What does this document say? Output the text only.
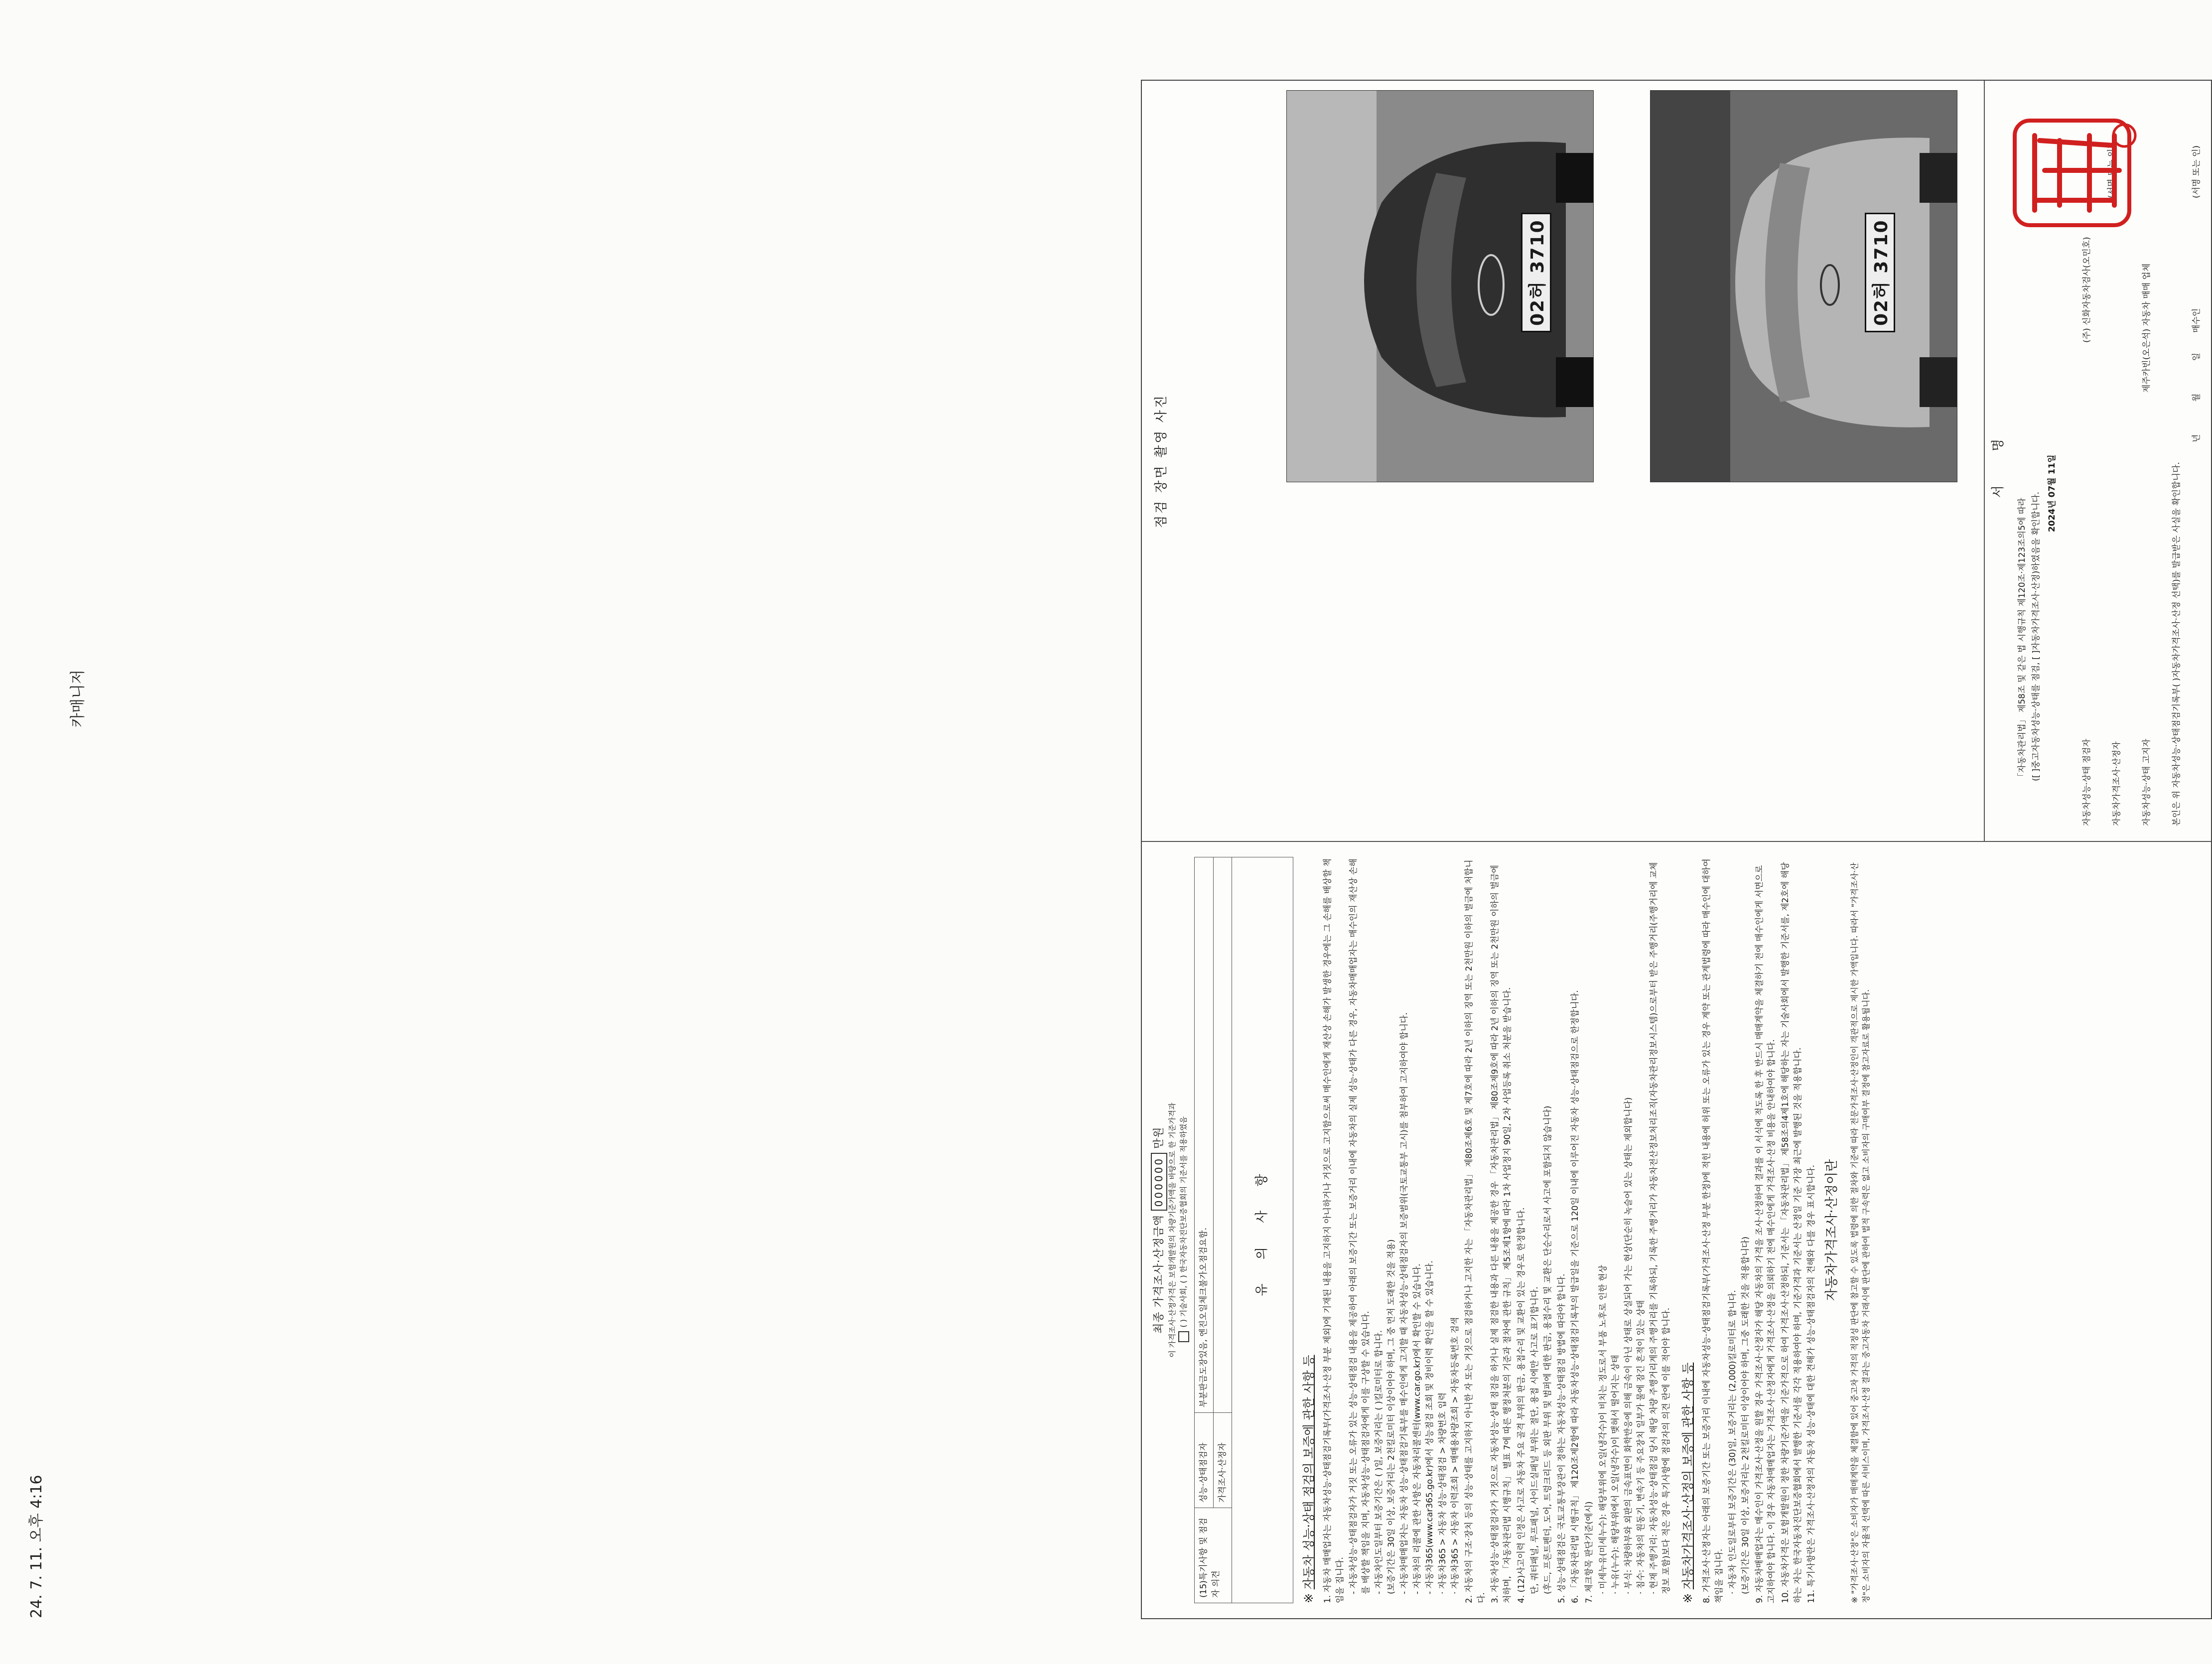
24. 7. 11. 오후 4:16
카매니저
최종 가격조사·산정금액 000000 만원 이 가격조사·산정가격은 보험개발원의 차량기준가액을 바탕으로 한 기준가격과 ( ) 기술사회, ( ) 한국자동차진단보증협회의 기준서를 적용하였음
(15)특기사항 및 점검자 의견	성능·상태점검자	부분판금도장있음, 엔진오일체크불가오점검요함.
	가격조사·산정자	
유 의 사 항		
※ 자동차 성능·상태 점검의 보증에 관한 사항 등 1. 자동차 매매업자는 자동차성능·상태점검기록부(가격조사·산정 부분 제외)에 기재된 내용을 고지하지 아니하거나 거짓으로 고지함으로써 매수인에게 재산상 손해가 발생한 경우에는 그 손해를 배상할 책임을 집니다. - 자동차성능·상태점검자가 거짓 또는 오류가 있는 성능·상태점검 내용을 제공하여 아래의 보증기간 또는 보증거리 이내에 자동차의 실제 성능·상태가 다른 경우, 자동차매매업자는 매수인의 재산상 손해를 배상할 책임을 지며, 자동차성능·상태점검자에게 이를 구상할 수 있습니다. - 자동차인도일부터 보증기간은 ( )일, 보증거리는 ( )킬로미터로 합니다. (보증기간은 30일 이상, 보증거리는 2천킬로미터 이상이어야 하며, 그 중 먼저 도래한 것을 적용) - 자동차매매업자는 자동차 성능·상태점검기록부를 매수인에게 고지할 때 자동차성능·상태점검자의 보증범위(국토교통부 고시)를 첨부하여 고지하여야 합니다. - 자동차의 리콜에 관한 사항은 자동차리콜센터(www.car.go.kr)에서 확인할 수 있습니다. - 자동차365(www.car365.go.kr)에서 성능점검 조회 및 정비이력 확인을 할 수 있습니다. · 자동차365 > 자동차 성능·상태점검 > 차량번호 입력 · 자동차365 > 자동차 이력조회 > 매매용차량조회 > 자동차등록번호 검색 2. 자동차의 구조·장치 등의 성능·상태를 고지하지 아니한 자 또는 거짓으로 점검하거나 고지한 자는 「자동차관리법」 제80조제6호 및 제7호에 따라 2년 이하의 징역 또는 2천만원 이하의 벌금에 처합니다. 3. 자동차성능·상태점검자가 거짓으로 자동차성능·상태 점검을 하거나 실제 점검한 내용과 다른 내용을 제공한 경우 「자동차관리법」 제80조제9호에 따라 2년 이하의 징역 또는 2천만원 이하의 벌금에 처하며, 「자동차관리법 시행규칙」 별표 7에 따른 행정처분의 기준과 절차에 관한 규칙」 제5조제1항에 따라 1차 사업정지 90일, 2차 사업등록 취소 처분을 받습니다. 4. (12)사고이력 인정은 사고로 자동차 주요 골격 부위의 판금, 용접수리 및 교환이 있는 경우로 한정합니다. 단, 쿼터패널, 루프패널, 사이드실패널 부위는 절단, 용접 시에만 사고로 표기합니다. (후드, 프론트펜더, 도어, 트렁크리드 등 외판 부위 및 범퍼에 대한 판금, 용접수리 및 교환은 단순수리로서 사고에 포함되지 않습니다) 5. 성능·상태점검은 국토교통부장관이 정하는 자동차성능·상태점검 방법에 따라야 합니다. 6. 「자동차관리법 시행규칙」 제120조제2항에 따라 자동차성능·상태점검기록부의 발급일을 기준으로 120일 이내에 이루어진 자동차 성능·상태점검으로 한정합니다. 7. 체크항목 판단기준(예시) · 미세누유(미세누수): 해당부위에 오일(냉각수)이 비치는 정도로서 부품 노후로 인한 현상 · 누유(누수): 해당부위에서 오일(냉각수)이 맺혀서 떨어지는 상태 · 부식: 차량하부와 외판의 금속표면이 화학반응에 의해 금속이 아닌 상태로 상실되어 가는 현상(단순히 녹슬어 있는 상태는 제외합니다) · 침수: 자동차의 원동기, 변속기 등 주요장치 일부가 물에 잠긴 흔적이 있는 상태 · 현재 주행거리: 자동차성능·상태점검 당시 해당 차량 주행거리계의 주행거리를 기록하되, 기록한 주행거리가 자동차전산정보처리조직(자동차관리정보시스템)으로부터 받은 주행거리(주행거리에 교체 정보 포함)보다 적은 경우 특기사항에 점검자의 의견 란에 이를 적어야 합니다.
※ 자동차가격조사·산정의 보증에 관한 사항 등 8. 가격조사·산정자는 아래의 보증기간 또는 보증거리 이내에 자동차성능·상태점검기록부(가격조사·산정 부분 한정)에 적힌 내용에 허위 또는 오류가 있는 경우 계약 또는 관계법령에 따라 매수인에 대하여 책임을 집니다. · 자동차 인도일로부터 보증기간은 (30)일, 보증거리는 (2,000)킬로미터로 합니다. (보증기간은 30일 이상, 보증거리는 2천킬로미터 이상이어야 하며, 그중 도래한 것을 적용합니다) 9. 자동차매매업자는 매수인이 가격조사·산정을 원할 경우 가격조사·산정자가 해당 자동차의 가격을 조사·산정하여 결과를 이 서식에 적도록 한 후 반드시 매매계약을 체결하기 전에 매수인에게 서면으로 고지하여야 합니다. 이 경우 자동차매매업자는 가격조사·산정자에게 가격조사·산정을 의뢰하기 전에 매수인에게 가격조사·산정 비용을 안내하여야 합니다. 10. 자동차가격은 보험개발원이 정한 차량기준가액을 기준가격으로 하여 가격조사·산정하되, 기준서는 「자동차관리법」 제58조의4제1호에 해당하는 자는 기술사회에서 발행한 기준서를, 제2호에 해당하는 자는 한국자동차진단보증협회에서 발행한 기준서를 각각 적용하여야 하며, 기준가격과 기준서는 산정일 기준 가장 최근에 발행된 것을 적용합니다. 11. 특기사항란은 가격조사·산정자의 자동차 성능·상태에 대한 견해가 성능·상태점검자의 견해와 다를 경우 표시합니다. 자동차가격조사·산정이란 ※ "가격조사·산정"은 소비자가 매매계약을 체결함에 있어 중고차 가격의 적정성 판단에 참고할 수 있도록 법령에 의한 절차와 기준에 따라 전문가격조사·산정인이 객관적으로 제시한 가액입니다. 따라서 "가격조사·산정"은 소비자의 자율적 선택에 따른 서비스이며, 가격조사·산정 결과는 중고자동차 거래시에 판단에 관하여 법적 구속력은 없고 소비자의 구매여부 결정에 참고자료로 활용됩니다.
점검 장면 촬영 사진
02허 3710	02허 3710
서 명
「자동차관리법」 제58조 및 같은 법 시행규칙 제120조·제123조의5에 따라 ([ ]중고자동차성능·상태를 점검, [ ]자동차가격조사·산정)하였음을 확인합니다. 2024년 07월 11일
자동차성능·상태 점검자
(주) 신화자동차검사(오민호)
자동차가격조사·산정자 자동차성능·상태 고지자
제주카빈(오은석) 자동차 매매 업체
본인은 위 자동차성능·상태점검기록부( )자동차가격조사·산정 선택)를 발급받은 사실을 확인합니다.
년 월 일
매수인
(서명 또는 인)
(서명 또는 인)
